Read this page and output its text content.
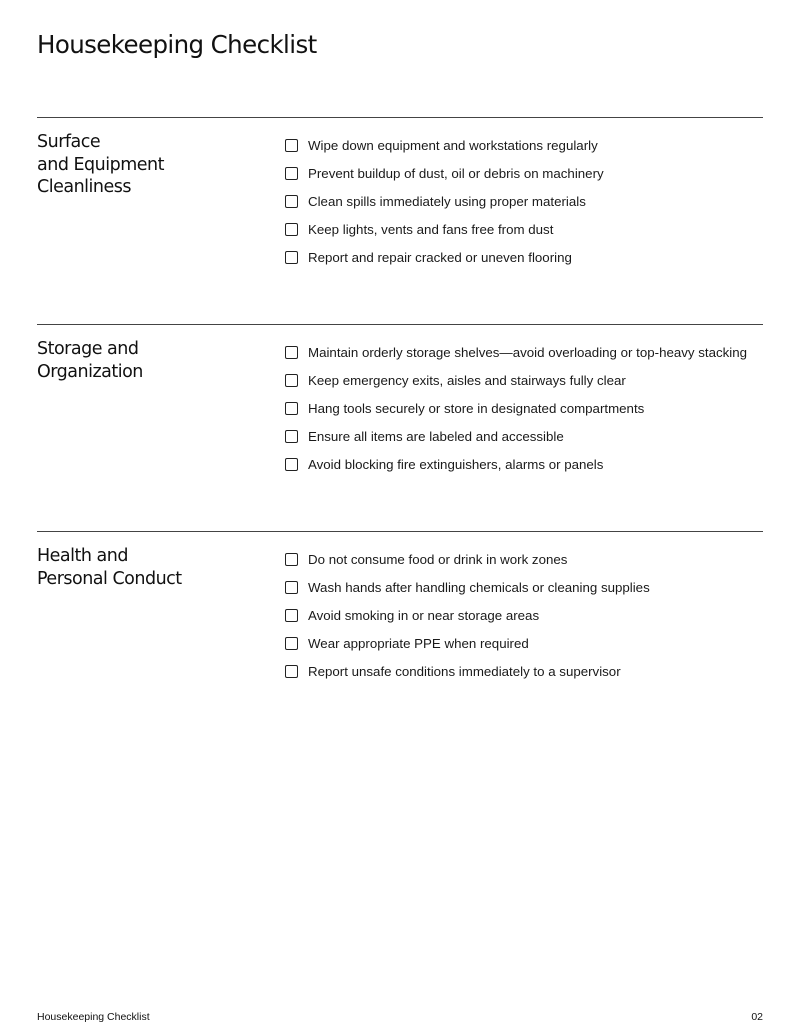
Housekeeping Checklist
Surface
and Equipment
Cleanliness
Wipe down equipment and workstations regularly
Prevent buildup of dust, oil or debris on machinery
Clean spills immediately using proper materials
Keep lights, vents and fans free from dust
Report and repair cracked or uneven flooring
Storage and
Organization
Maintain orderly storage shelves—avoid overloading or top-heavy stacking
Keep emergency exits, aisles and stairways fully clear
Hang tools securely or store in designated compartments
Ensure all items are labeled and accessible
Avoid blocking fire extinguishers, alarms or panels
Health and
Personal Conduct
Do not consume food or drink in work zones
Wash hands after handling chemicals or cleaning supplies
Avoid smoking in or near storage areas
Wear appropriate PPE when required
Report unsafe conditions immediately to a supervisor
Housekeeping Checklist	02
